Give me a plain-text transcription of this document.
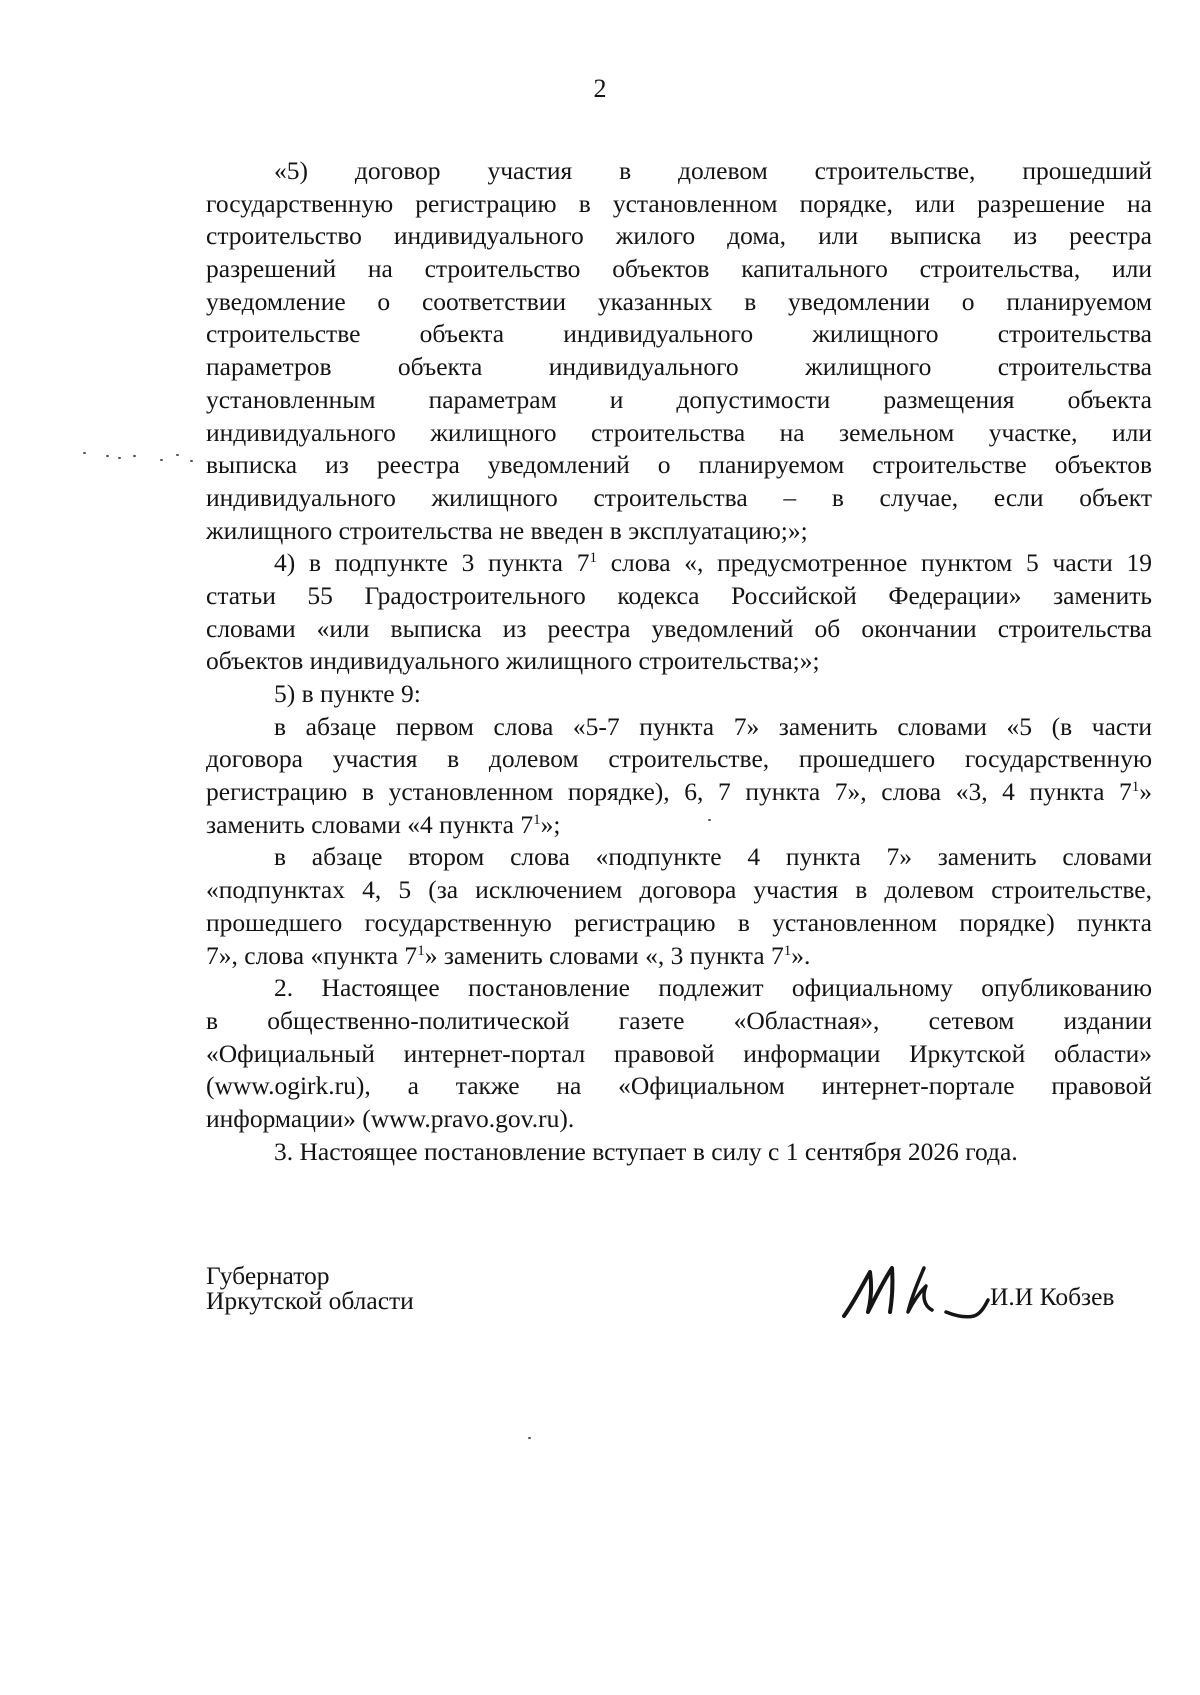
2
«5) договор участия в долевом строительстве, прошедший
государственную регистрацию в установленном порядке, или разрешение на
строительство индивидуального жилого дома, или выписка из реестра
разрешений на строительство объектов капитального строительства, или
уведомление о соответствии указанных в уведомлении о планируемом
строительстве объекта индивидуального жилищного строительства
параметров объекта индивидуального жилищного строительства
установленным параметрам и допустимости размещения объекта
индивидуального жилищного строительства на земельном участке, или
выписка из реестра уведомлений о планируемом строительстве объектов
индивидуального жилищного строительства – в случае, если объект
жилищного строительства не введен в эксплуатацию;»;
4) в подпункте 3 пункта $7^1$ слова «, предусмотренное пунктом 5 части 19
статьи 55 Градостроительного кодекса Российской Федерации» заменить
словами «или выписка из реестра уведомлений об окончании строительства
объектов индивидуального жилищного строительства;»;
5) в пункте 9:
в абзаце первом слова «5-7 пункта 7» заменить словами «5 (в части
договора участия в долевом строительстве, прошедшего государственную
регистрацию в установленном порядке), 6, 7 пункта 7», слова «3, 4 пункта $7^1$»
заменить словами «4 пункта $7^1$»;
в абзаце втором слова «подпункте 4 пункта 7» заменить словами
«подпунктах 4, 5 (за исключением договора участия в долевом строительстве,
прошедшего государственную регистрацию в установленном порядке) пункта
7», слова «пункта $7^1$» заменить словами «, 3 пункта $7^1$».
2. Настоящее постановление подлежит официальному опубликованию
в общественно-политической газете «Областная», сетевом издании
«Официальный интернет-портал правовой информации Иркутской области»
(www.ogirk.ru), а также на «Официальном интернет-портале правовой
информации» (www.pravo.gov.ru).
3. Настоящее постановление вступает в силу с 1 сентября 2026 года.
Губернатор
Иркутской области	И.И Кобзев
